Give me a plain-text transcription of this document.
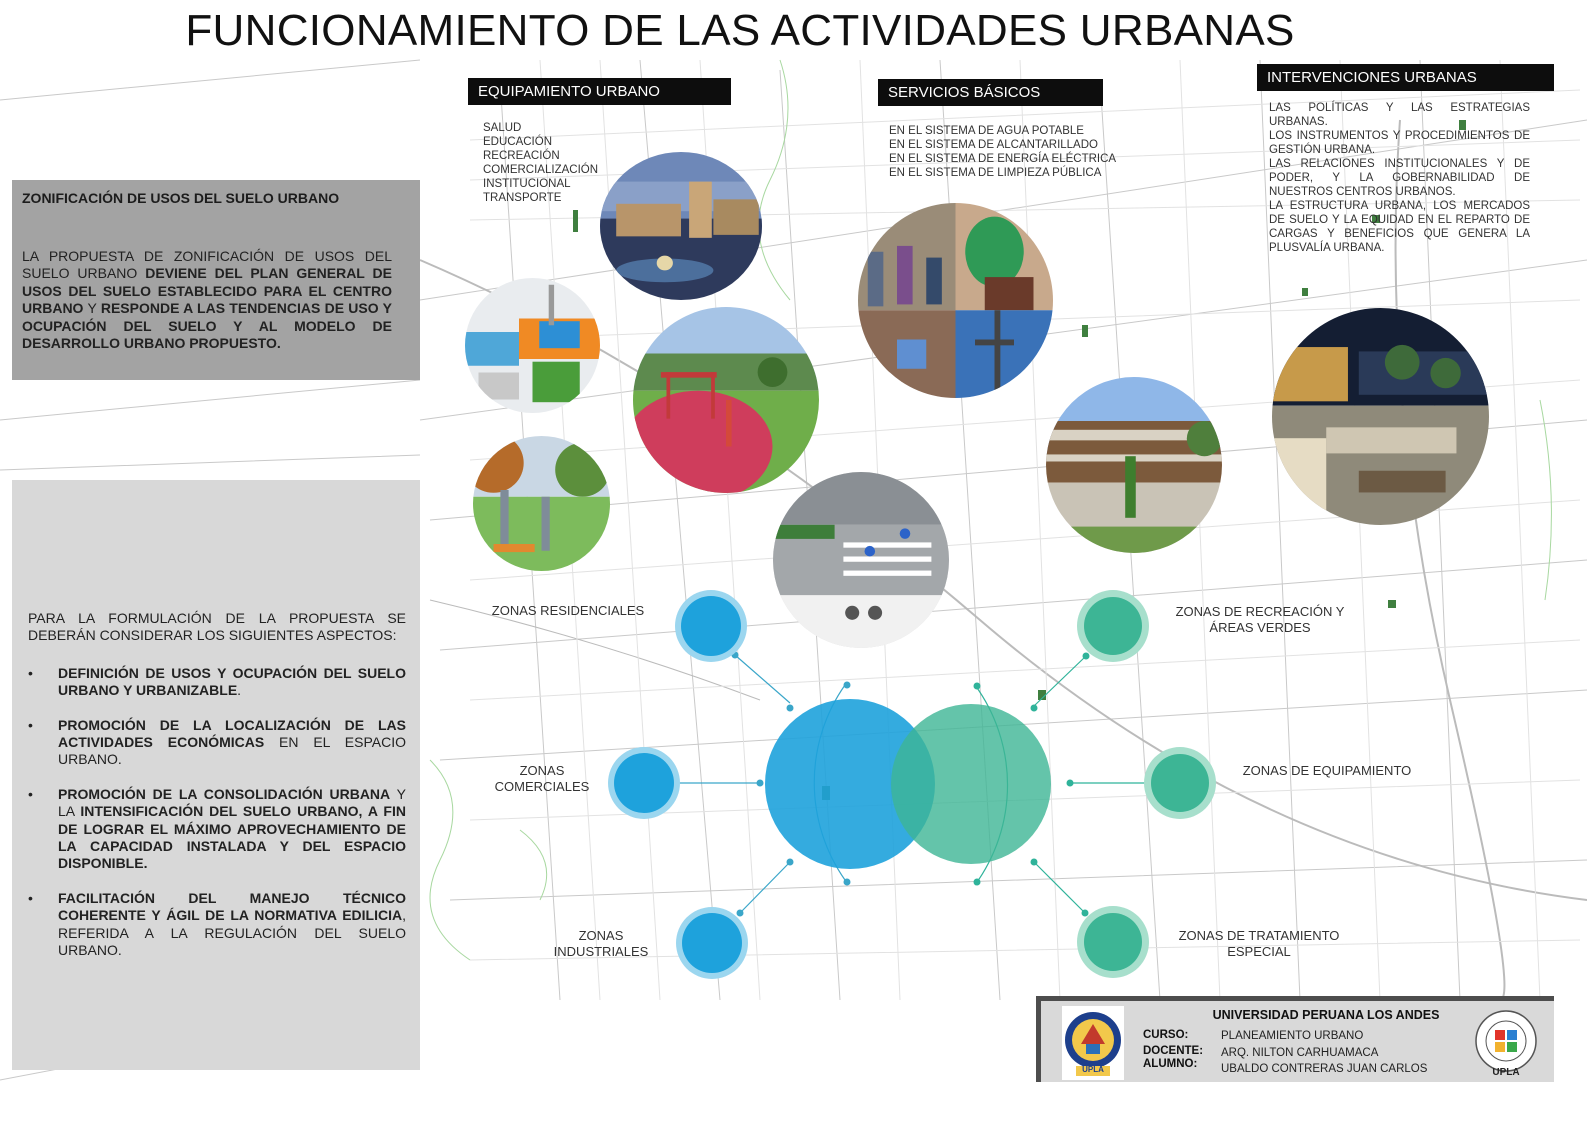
FUNCIONAMIENTO DE LAS ACTIVIDADES URBANAS
EQUIPAMIENTO URBANO	SERVICIOS BÁSICOS
INTERVENCIONES URBANAS
SALUD
EDUCACIÓN
RECREACIÓN
COMERCIALIZACIÓN
INSTITUCIONAL
TRANSPORTE
EN EL SISTEMA DE AGUA POTABLE
EN EL SISTEMA DE ALCANTARILLADO
EN EL SISTEMA DE ENERGÍA ELÉCTRICA
EN EL SISTEMA DE LIMPIEZA PÚBLICA
LAS POLÍTICAS Y LAS ESTRATEGIAS URBANAS.
LOS INSTRUMENTOS Y PROCEDIMIENTOS DE GESTIÓN URBANA.
LAS RELACIONES INSTITUCIONALES Y DE PODER, Y LA GOBERNABILIDAD DE NUESTROS CENTROS URBANOS.
LA ESTRUCTURA URBANA, LOS MERCADOS DE SUELO Y LA EQUIDAD EN EL REPARTO DE CARGAS Y BENEFICIOS QUE GENERA LA PLUSVALÍA URBANA.
ZONIFICACIÓN DE USOS DEL SUELO URBANO
LA PROPUESTA DE ZONIFICACIÓN DE USOS DEL SUELO URBANO DEVIENE DEL PLAN GENERAL DE USOS DEL SUELO ESTABLECIDO PARA EL CENTRO URBANO Y RESPONDE A LAS TENDENCIAS DE USO Y OCUPACIÓN DEL SUELO Y AL MODELO DE DESARROLLO URBANO PROPUESTO.
PARA LA FORMULACIÓN DE LA PROPUESTA SE DEBERÁN CONSIDERAR LOS SIGUIENTES ASPECTOS:
• DEFINICIÓN DE USOS Y OCUPACIÓN DEL SUELO URBANO Y URBANIZABLE.
• PROMOCIÓN DE LA LOCALIZACIÓN DE LAS ACTIVIDADES ECONÓMICAS EN EL ESPACIO URBANO.
• PROMOCIÓN DE LA CONSOLIDACIÓN URBANA Y LA INTENSIFICACIÓN DEL SUELO URBANO, A FIN DE LOGRAR EL MÁXIMO APROVECHAMIENTO DE LA CAPACIDAD INSTALADA Y DEL ESPACIO DISPONIBLE.
• FACILITACIÓN DEL MANEJO TÉCNICO COHERENTE Y ÁGIL DE LA NORMATIVA EDILICIA, REFERIDA A LA REGULACIÓN DEL SUELO URBANO.
ZONAS RESIDENCIALES
ZONAS
COMERCIALES
ZONAS
INDUSTRIALES
ZONAS DE RECREACIÓN Y
ÁREAS VERDES
ZONAS DE EQUIPAMIENTO
ZONAS DE TRATAMIENTO
ESPECIAL
UNIVERSIDAD PERUANA LOS ANDES
CURSO:	PLANEAMIENTO URBANO
DOCENTE: ARQ. NILTON CARHUAMACA
ALUMNO: UBALDO CONTRERAS JUAN CARLOS
UPLA	UPLA
